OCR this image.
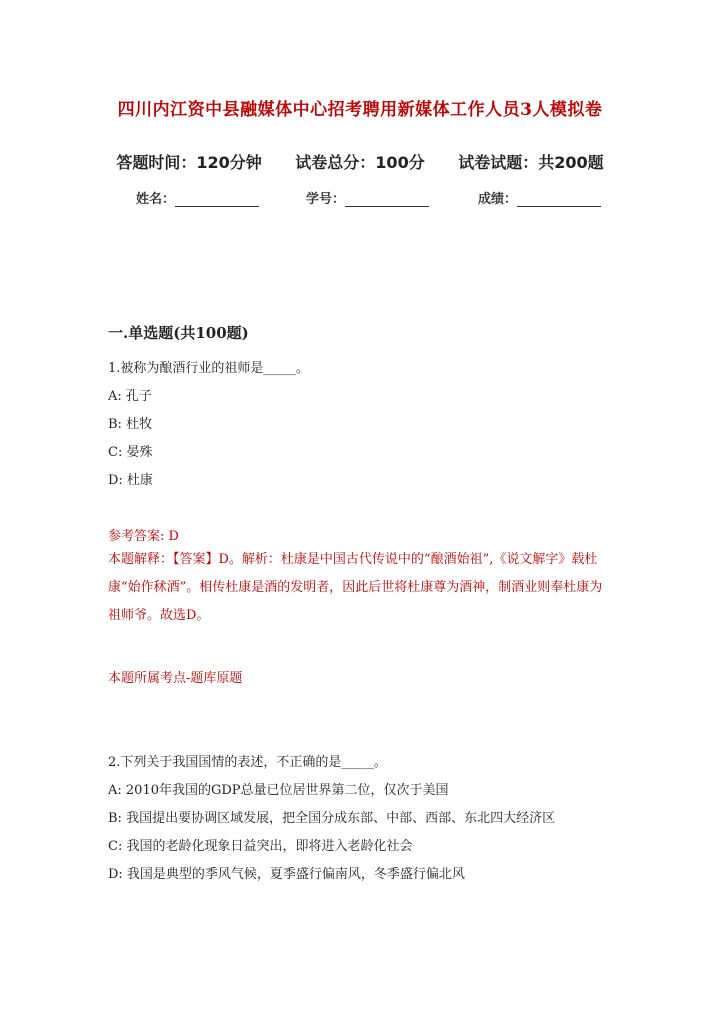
四川内江资中县融媒体中心招考聘用新媒体工作人员3人模拟卷
答题时间：120分钟 试卷总分：100分 试卷试题：共200题
姓名：	学号：	成绩：
一.单选题(共100题)
1.被称为酿酒行业的祖师是_____。
A: 孔子
B: 杜牧
C: 晏殊
D: 杜康
参考答案: D
本题解释：【答案】D。解析：杜康是中国古代传说中的“酿酒始祖”,《说文解字》载杜康“始作秫酒”。相传杜康是酒的发明者，因此后世将杜康尊为酒神，制酒业则奉杜康为祖师爷。故选D。
本题所属考点-题库原题
2.下列关于我国国情的表述，不正确的是_____。
A: 2010年我国的GDP总量已位居世界第二位，仅次于美国
B: 我国提出要协调区域发展，把全国分成东部、中部、西部、东北四大经济区
C: 我国的老龄化现象日益突出，即将进入老龄化社会
D: 我国是典型的季风气候，夏季盛行偏南风，冬季盛行偏北风
